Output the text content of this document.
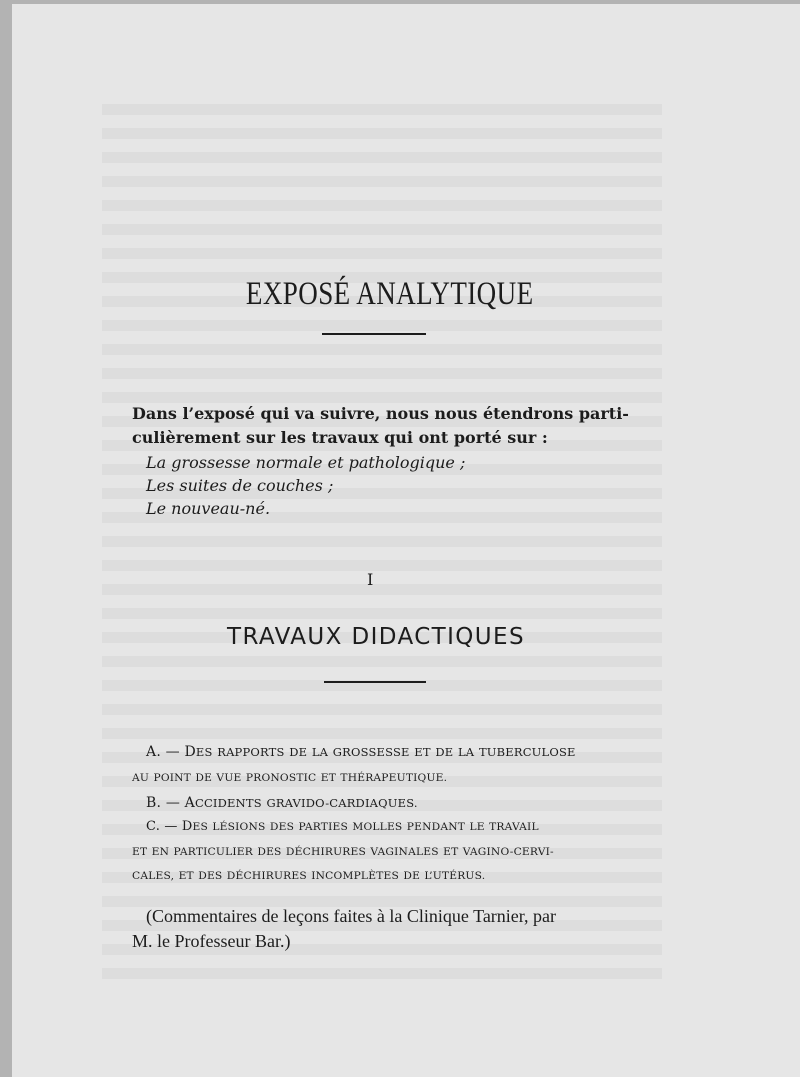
EXPOSÉ ANALYTIQUE
Dans l’exposé qui va suivre, nous nous étendrons parti-
culièrement sur les travaux qui ont porté sur :
La grossesse normale et pathologique ;
Les suites de couches ;
Le nouveau-né.
I
TRAVAUX DIDACTIQUES
A. — DES RAPPORTS DE LA GROSSESSE ET DE LA TUBERCULOSE
AU POINT DE VUE PRONOSTIC ET THÉRAPEUTIQUE.
B. — ACCIDENTS GRAVIDO-CARDIAQUES.
C. — DES LÉSIONS DES PARTIES MOLLES PENDANT LE TRAVAIL
ET EN PARTICULIER DES DÉCHIRURES VAGINALES ET VAGINO-CERVI-
CALES, ET DES DÉCHIRURES INCOMPLÈTES DE L’UTÉRUS.
(Commentaires de leçons faites à la Clinique Tarnier, par
M. le Professeur Bar.)
